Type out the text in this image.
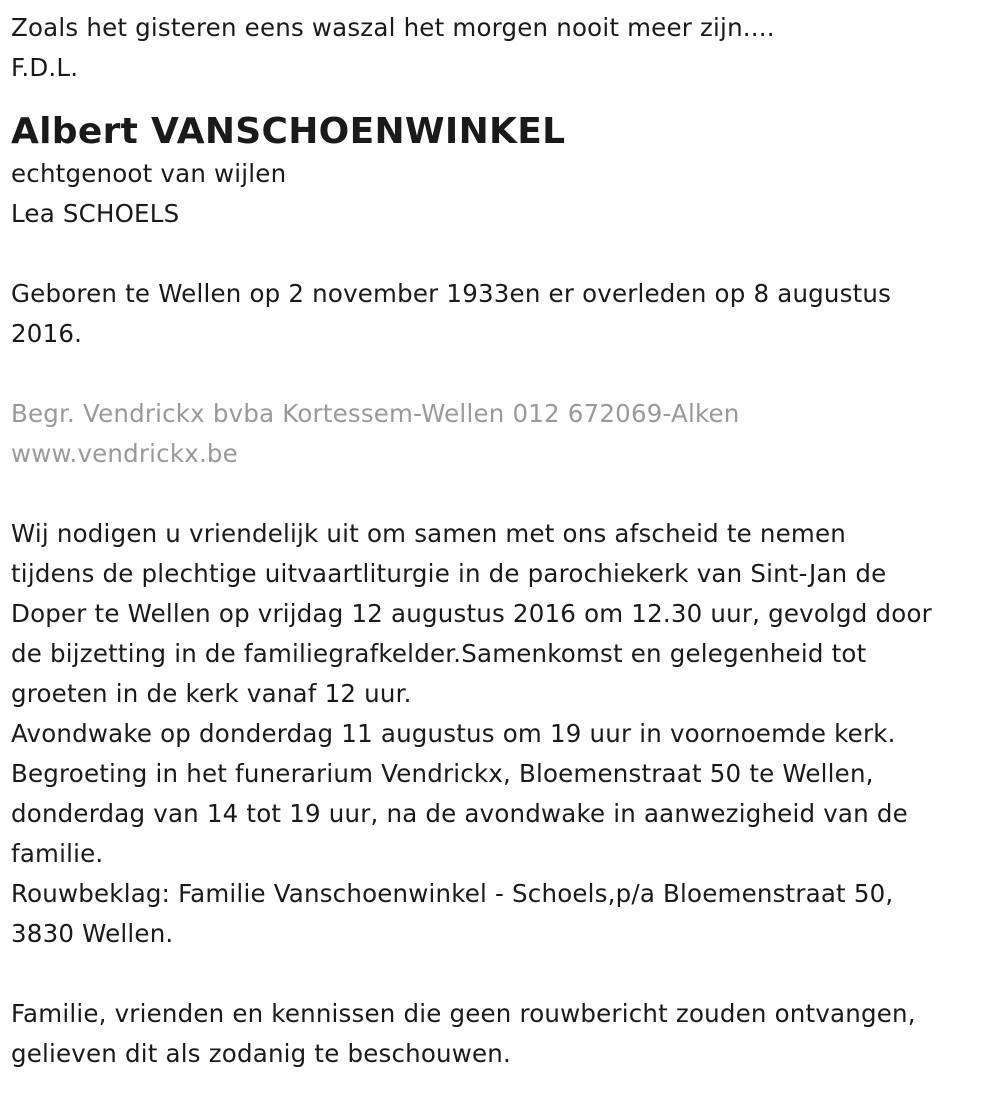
Zoals het gisteren eens waszal het morgen nooit meer zijn....
F.D.L.
Albert VANSCHOENWINKEL
echtgenoot van wijlen
Lea SCHOELS
Geboren te Wellen op 2 november 1933en er overleden op 8 augustus
2016.
Begr. Vendrickx bvba Kortessem-Wellen 012 672069-Alken
www.vendrickx.be
Wij nodigen u vriendelijk uit om samen met ons afscheid te nemen
tijdens de plechtige uitvaartliturgie in de parochiekerk van Sint-Jan de
Doper te Wellen op vrijdag 12 augustus 2016 om 12.30 uur, gevolgd door
de bijzetting in de familiegrafkelder.Samenkomst en gelegenheid tot
groeten in de kerk vanaf 12 uur.
Avondwake op donderdag 11 augustus om 19 uur in voornoemde kerk.
Begroeting in het funerarium Vendrickx, Bloemenstraat 50 te Wellen,
donderdag van 14 tot 19 uur, na de avondwake in aanwezigheid van de
familie.
Rouwbeklag: Familie Vanschoenwinkel - Schoels,p/a Bloemenstraat 50,
3830 Wellen.
Familie, vrienden en kennissen die geen rouwbericht zouden ontvangen,
gelieven dit als zodanig te beschouwen.
